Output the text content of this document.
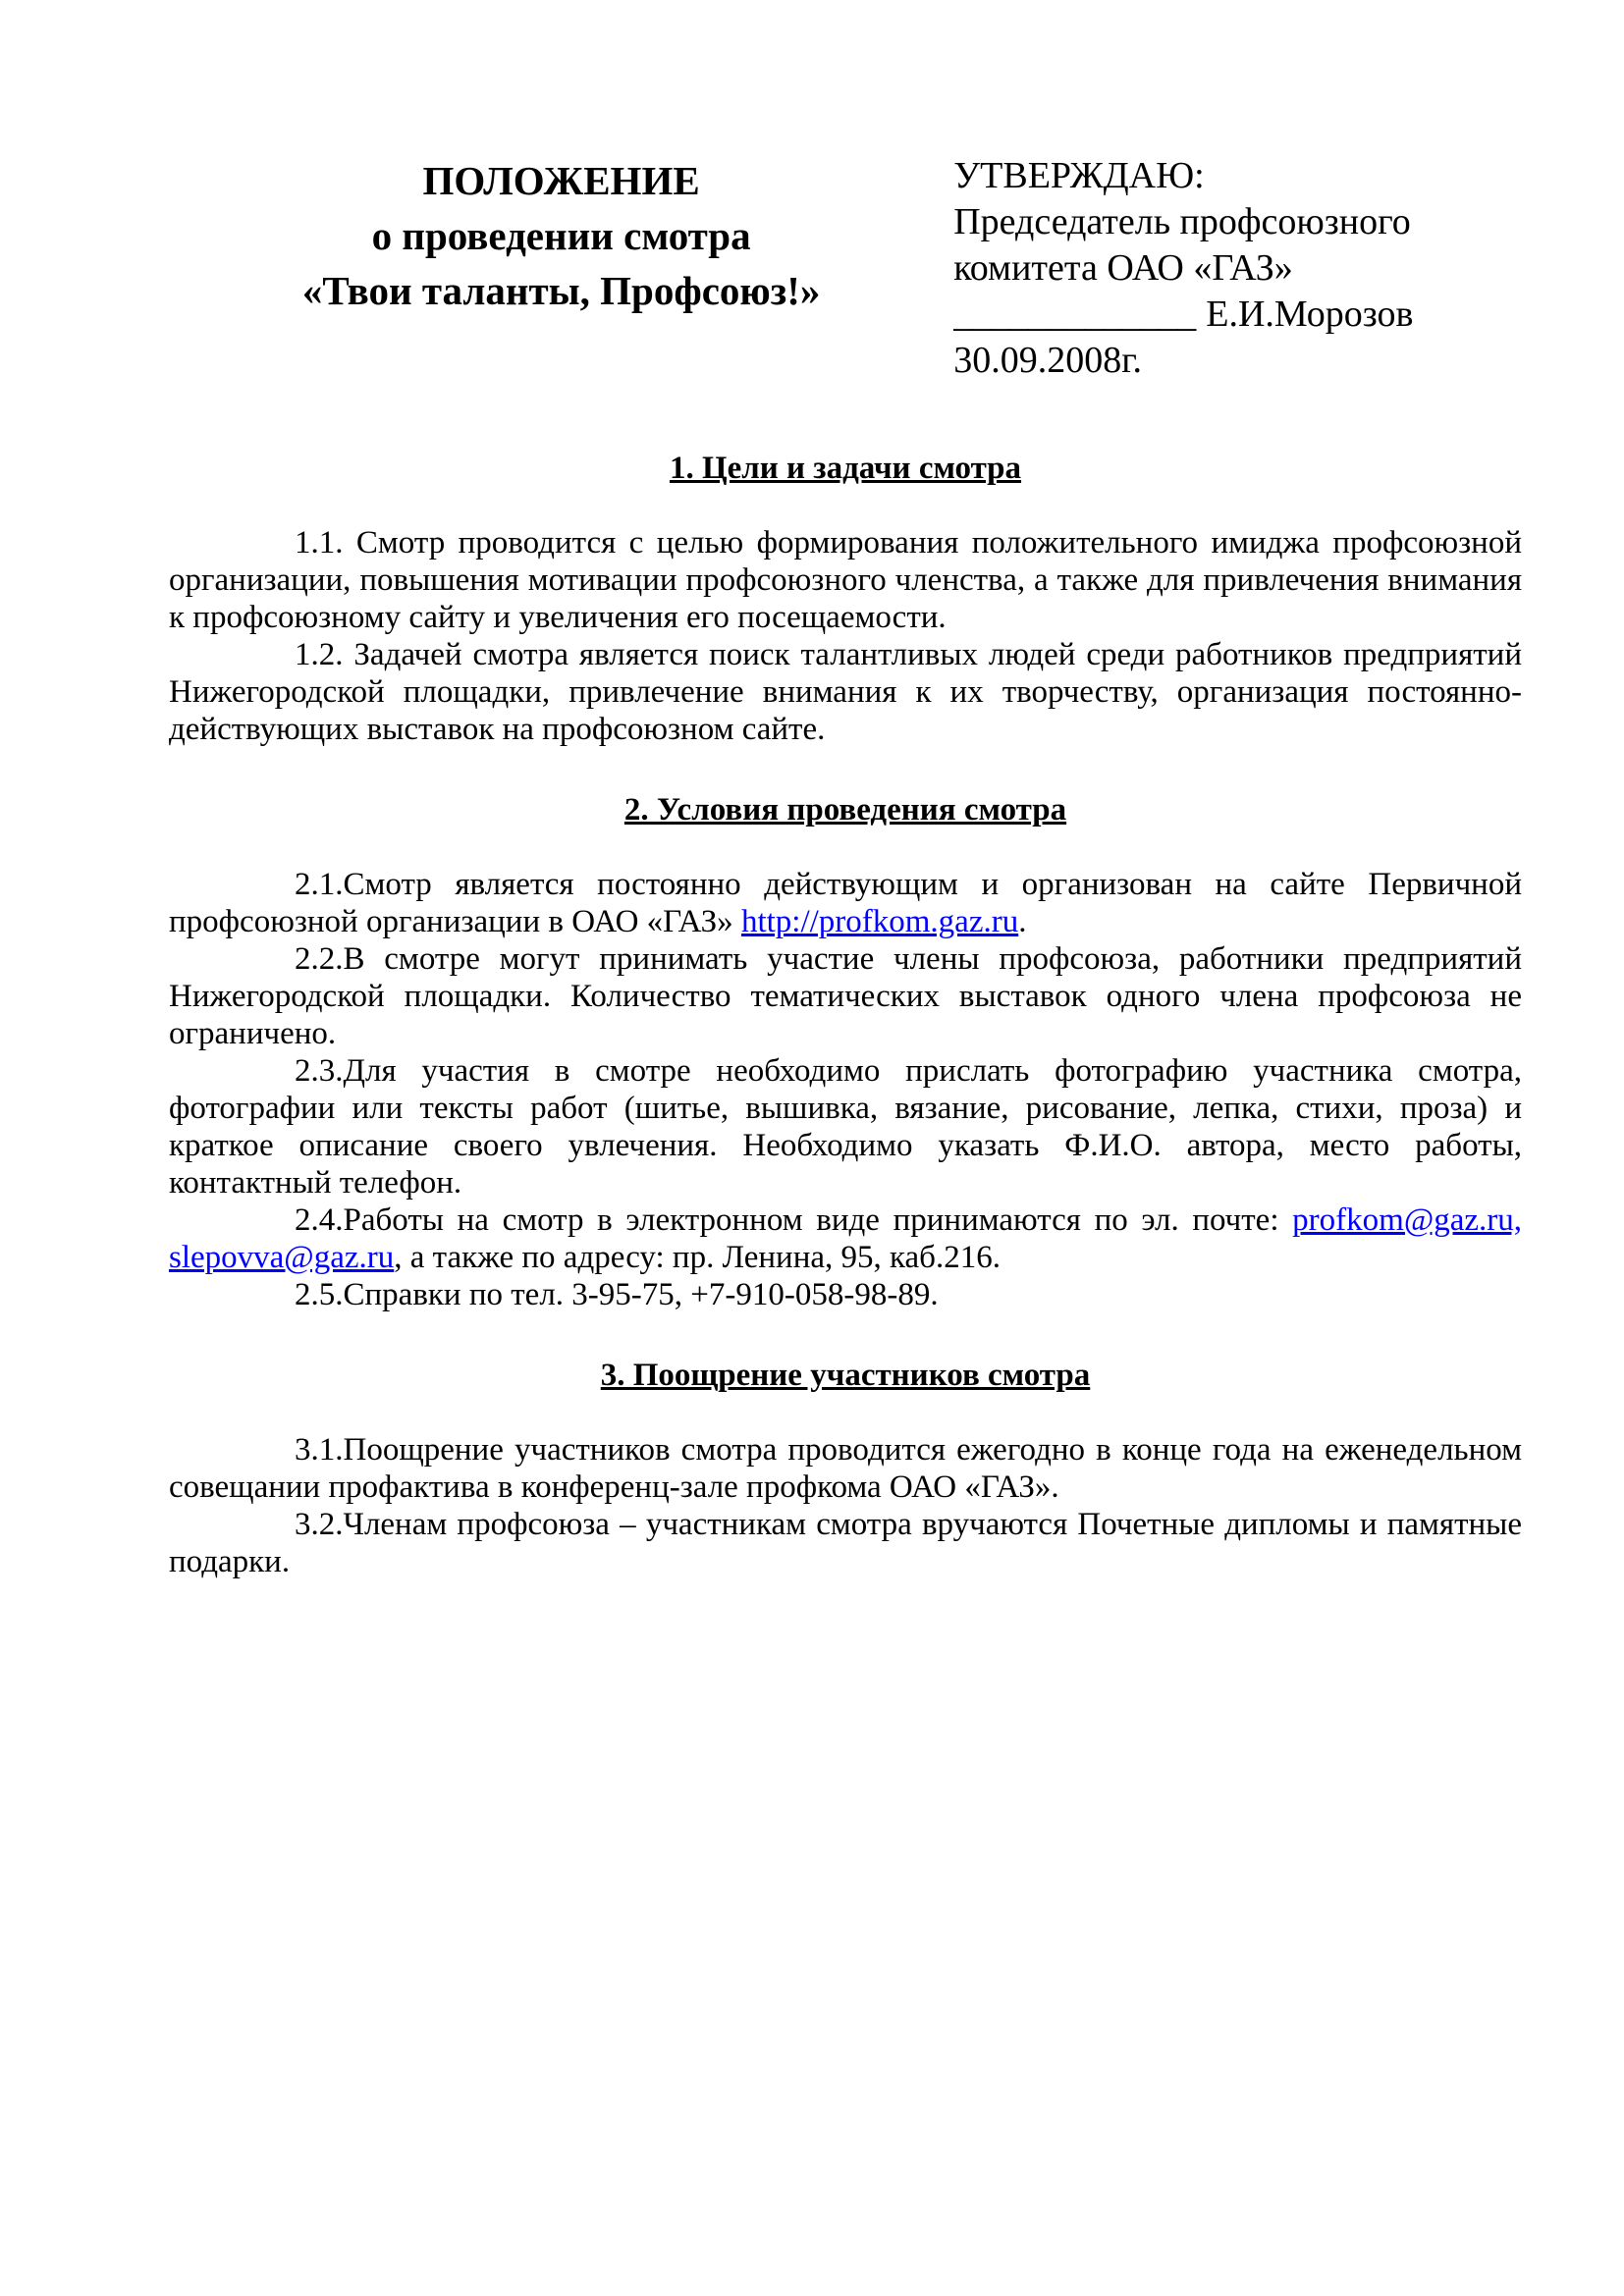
ПОЛОЖЕНИЕ
о проведении смотра
«Твои таланты, Профсоюз!»
УТВЕРЖДАЮ:
Председатель профсоюзного
комитета ОАО «ГАЗ»
_____________ Е.И.Морозов
30.09.2008г.
1. Цели и задачи смотра

1.1. Смотр проводится с целью формирования положительного имиджа профсоюзной организации, повышения мотивации профсоюзного членства, а также для привлечения внимания к профсоюзному сайту и увеличения его посещаемости.

1.2. Задачей смотра является поиск талантливых людей среди работников предприятий Нижегородской площадки, привлечение внимания к их творчеству, организация постоянно-действующих выставок на профсоюзном сайте.

2. Условия проведения смотра

2.1.Смотр является постоянно действующим и организован на сайте Первичной профсоюзной организации в ОАО «ГАЗ» http://profkom.gaz.ru.

2.2.В смотре могут принимать участие члены профсоюза, работники предприятий Нижегородской площадки. Количество тематических выставок одного члена профсоюза не ограничено.

2.3.Для участия в смотре необходимо прислать фотографию участника смотра, фотографии или тексты работ (шитье, вышивка, вязание, рисование, лепка, стихи, проза) и краткое описание своего увлечения. Необходимо указать Ф.И.О. автора, место работы, контактный телефон.

2.4.Работы на смотр в электронном виде принимаются по эл. почте: profkom@gaz.ru, slepovva@gaz.ru, а также по адресу: пр. Ленина, 95, каб.216.

2.5.Справки по тел. 3-95-75, +7-910-058-98-89.

3. Поощрение участников смотра

3.1.Поощрение участников смотра проводится ежегодно в конце года на еженедельном совещании профактива в конференц-зале профкома ОАО «ГАЗ».

3.2.Членам профсоюза – участникам смотра вручаются Почетные дипломы и памятные подарки.
